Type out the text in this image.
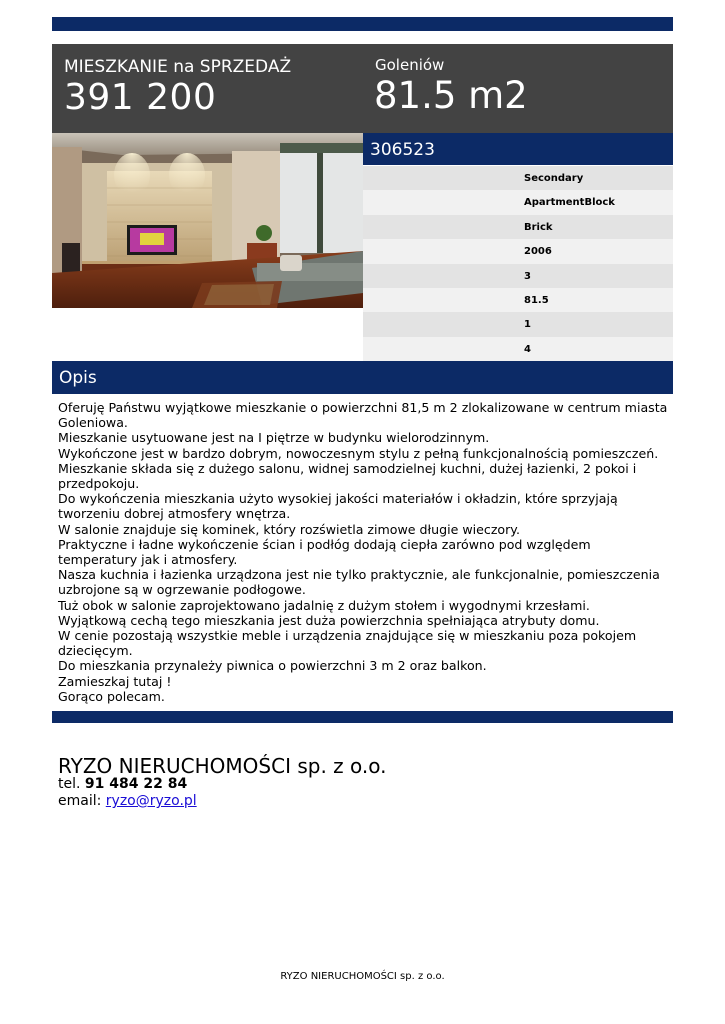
MIESZKANIE na SPRZEDAŻ
391 200
Goleniów
81.5 m2
306523
Secondary
ApartmentBlock
Brick
2006
3
81.5
1
4
Opis
Oferuję Państwu wyjątkowe mieszkanie o powierzchni 81,5 m 2 zlokalizowane w centrum miasta Goleniowa.
Mieszkanie usytuowane jest na I piętrze w budynku wielorodzinnym.
Wykończone jest w bardzo dobrym, nowoczesnym stylu z pełną funkcjonalnością pomieszczeń.
Mieszkanie składa się z dużego salonu, widnej samodzielnej kuchni, dużej łazienki, 2 pokoi i przedpokoju.
Do wykończenia mieszkania użyto wysokiej jakości materiałów i okładzin, które sprzyjają tworzeniu dobrej atmosfery wnętrza.
W salonie znajduje się kominek, który rozświetla zimowe długie wieczory.
Praktyczne i ładne wykończenie ścian i podłóg dodają ciepła zarówno pod względem temperatury jak i atmosfery.
Nasza kuchnia i łazienka urządzona jest nie tylko praktycznie, ale funkcjonalnie, pomieszczenia uzbrojone są w ogrzewanie podłogowe.
Tuż obok w salonie zaprojektowano jadalnię z dużym stołem i wygodnymi krzesłami.
Wyjątkową cechą tego mieszkania jest duża powierzchnia spełniająca atrybuty domu.
W cenie pozostają wszystkie meble i urządzenia znajdujące się w mieszkaniu poza pokojem dziecięcym.
Do mieszkania przynależy piwnica o powierzchni 3 m 2 oraz balkon.
Zamieszkaj tutaj !
Gorąco polecam.
RYZO NIERUCHOMOŚCI sp. z o.o.
tel. 91 484 22 84
email: ryzo@ryzo.pl
RYZO NIERUCHOMOŚCI sp. z o.o.
